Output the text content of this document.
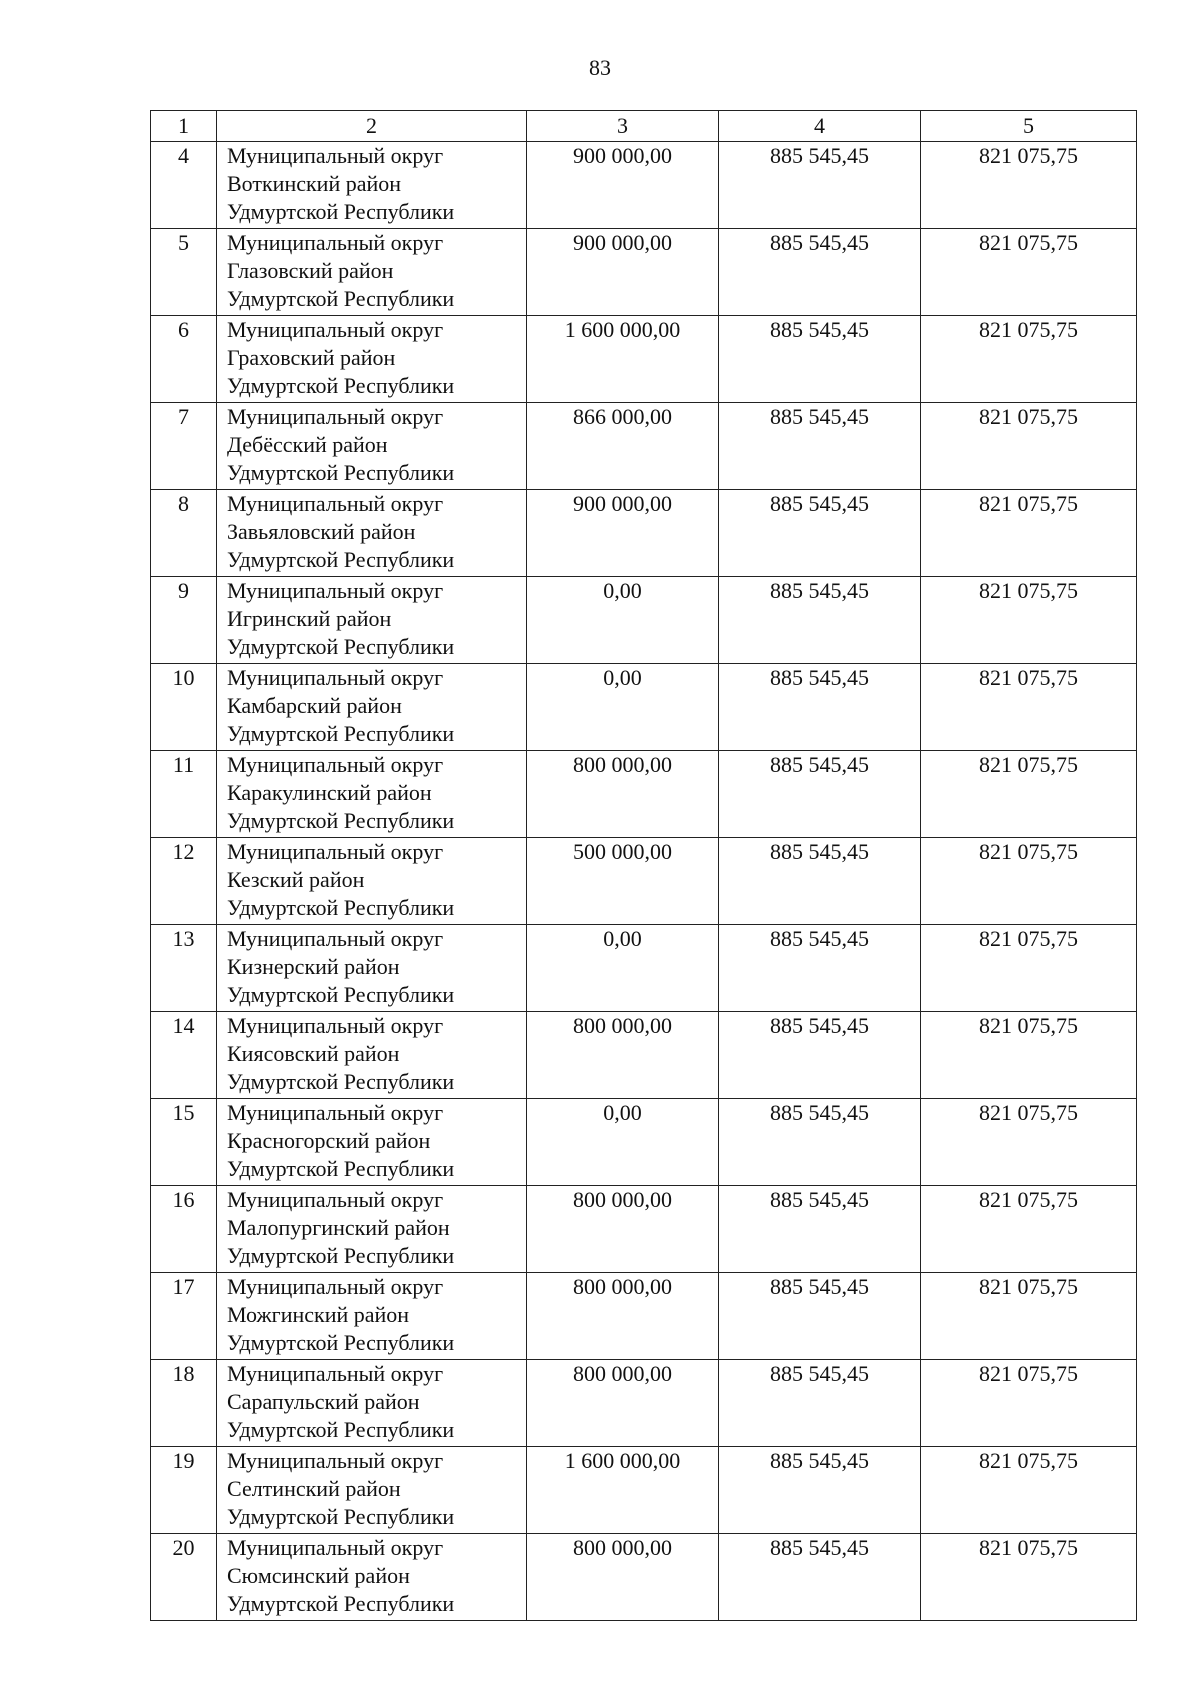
83
1	2	3	4	5
4	Муниципальный округ
Воткинский район
Удмуртской Республики	900 000,00	885 545,45	821 075,75
5	Муниципальный округ
Глазовский район
Удмуртской Республики	900 000,00	885 545,45	821 075,75
6	Муниципальный округ
Граховский район
Удмуртской Республики	1 600 000,00	885 545,45	821 075,75
7	Муниципальный округ
Дебёсский район
Удмуртской Республики	866 000,00	885 545,45	821 075,75
8	Муниципальный округ
Завьяловский район
Удмуртской Республики	900 000,00	885 545,45	821 075,75
9	Муниципальный округ
Игринский район
Удмуртской Республики	0,00	885 545,45	821 075,75
10	Муниципальный округ
Камбарский район
Удмуртской Республики	0,00	885 545,45	821 075,75
11	Муниципальный округ
Каракулинский район
Удмуртской Республики	800 000,00	885 545,45	821 075,75
12	Муниципальный округ
Кезский район
Удмуртской Республики	500 000,00	885 545,45	821 075,75
13	Муниципальный округ
Кизнерский район
Удмуртской Республики	0,00	885 545,45	821 075,75
14	Муниципальный округ
Киясовский район
Удмуртской Республики	800 000,00	885 545,45	821 075,75
15	Муниципальный округ
Красногорский район
Удмуртской Республики	0,00	885 545,45	821 075,75
16	Муниципальный округ
Малопургинский район
Удмуртской Республики	800 000,00	885 545,45	821 075,75
17	Муниципальный округ
Можгинский район
Удмуртской Республики	800 000,00	885 545,45	821 075,75
18	Муниципальный округ
Сарапульский район
Удмуртской Республики	800 000,00	885 545,45	821 075,75
19	Муниципальный округ
Селтинский район
Удмуртской Республики	1 600 000,00	885 545,45	821 075,75
20	Муниципальный округ
Сюмсинский район
Удмуртской Республики	800 000,00	885 545,45	821 075,75
